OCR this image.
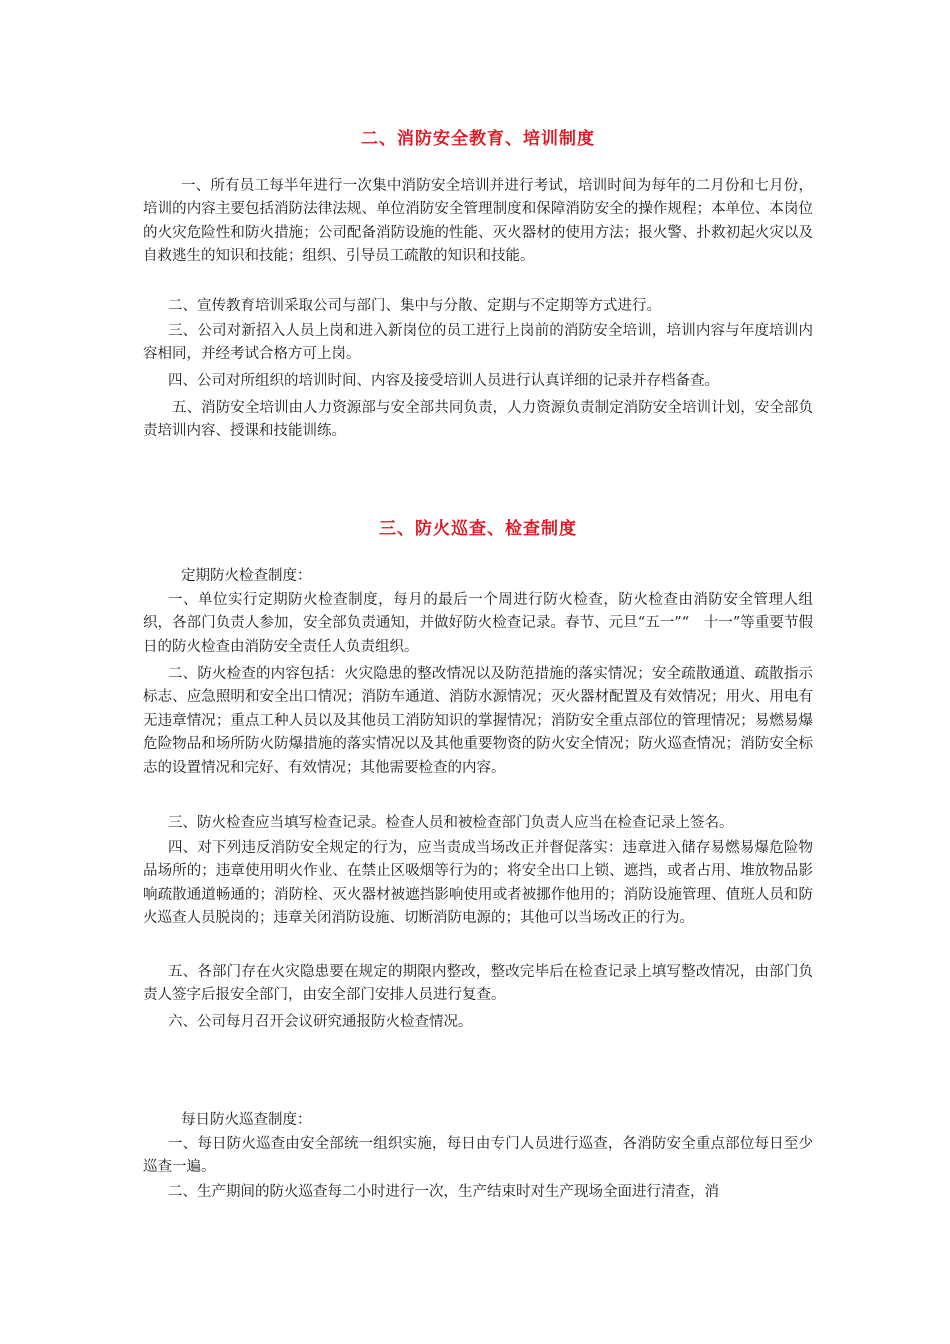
二、消防安全教育、培训制度

一、所有员工每半年进行一次集中消防安全培训并进行考试，培训时间为每年的二月份和七月份，培训的内容主要包括消防法律法规、单位消防安全管理制度和保障消防安全的操作规程；本单位、本岗位的火灾危险性和防火措施；公司配备消防设施的性能、灭火器材的使用方法；报火警、扑救初起火灾以及自救逃生的知识和技能；组织、引导员工疏散的知识和技能。

二、宣传教育培训采取公司与部门、集中与分散、定期与不定期等方式进行。

三、公司对新招入人员上岗和进入新岗位的员工进行上岗前的消防安全培训，培训内容与年度培训内容相同，并经考试合格方可上岗。

四、公司对所组织的培训时间、内容及接受培训人员进行认真详细的记录并存档备查。

五、消防安全培训由人力资源部与安全部共同负责，人力资源负责制定消防安全培训计划，安全部负责培训内容、授课和技能训练。

三、防火巡查、检查制度

定期防火检查制度：

一、单位实行定期防火检查制度，每月的最后一个周进行防火检查，防火检查由消防安全管理人组织，各部门负责人参加，安全部负责通知，并做好防火检查记录。春节、元旦“五一”“　十一”等重要节假日的防火检查由消防安全责任人负责组织。

二、防火检查的内容包括：火灾隐患的整改情况以及防范措施的落实情况；安全疏散通道、疏散指示标志、应急照明和安全出口情况；消防车通道、消防水源情况；灭火器材配置及有效情况；用火、用电有无违章情况；重点工种人员以及其他员工消防知识的掌握情况；消防安全重点部位的管理情况；易燃易爆危险物品和场所防火防爆措施的落实情况以及其他重要物资的防火安全情况；防火巡查情况；消防安全标志的设置情况和完好、有效情况；其他需要检查的内容。

三、防火检查应当填写检查记录。检查人员和被检查部门负责人应当在检查记录上签名。

四、对下列违反消防安全规定的行为，应当责成当场改正并督促落实：违章进入储存易燃易爆危险物品场所的；违章使用明火作业、在禁止区吸烟等行为的；将安全出口上锁、遮挡，或者占用、堆放物品影响疏散通道畅通的；消防栓、灭火器材被遮挡影响使用或者被挪作他用的；消防设施管理、值班人员和防火巡查人员脱岗的；违章关闭消防设施、切断消防电源的；其他可以当场改正的行为。

五、各部门存在火灾隐患要在规定的期限内整改，整改完毕后在检查记录上填写整改情况，由部门负责人签字后报安全部门，由安全部门安排人员进行复查。

六、公司每月召开会议研究通报防火检查情况。

每日防火巡查制度：

一、每日防火巡查由安全部统一组织实施，每日由专门人员进行巡查，各消防安全重点部位每日至少巡查一遍。

二、生产期间的防火巡查每二小时进行一次，生产结束时对生产现场全面进行清查，消
